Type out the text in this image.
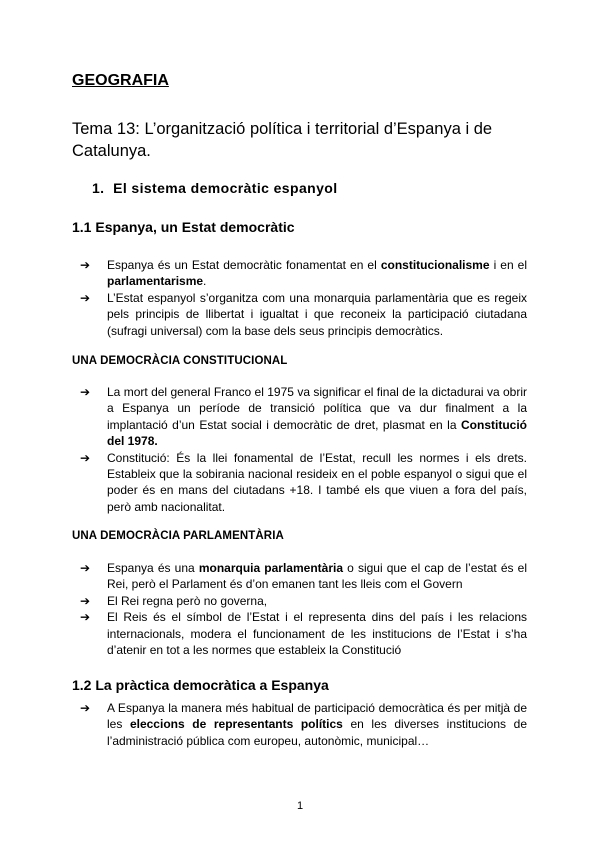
GEOGRAFIA
Tema 13: L’organització política i territorial d’Espanya i de Catalunya.
1. El sistema democràtic espanyol
1.1 Espanya, un Estat democràtic
➔ Espanya és un Estat democràtic fonamentat en el constitucionalisme i en el parlamentarisme.
➔ L’Estat espanyol s’organitza com una monarquia parlamentària que es regeix pels principis de llibertat i igualtat i que reconeix la participació ciutadana (sufragi universal) com la base dels seus principis democràtics.
UNA DEMOCRÀCIA CONSTITUCIONAL
➔ La mort del general Franco el 1975 va significar el final de la dictadurai va obrir a Espanya un període de transició política que va dur finalment a la implantació d’un Estat social i democràtic de dret, plasmat en la Constitució del 1978.
➔ Constitució: És la llei fonamental de l’Estat, recull les normes i els drets. Estableix que la sobirania nacional resideix en el poble espanyol o sigui que el poder és en mans del ciutadans +18. I també els que viuen a fora del país, però amb nacionalitat.
UNA DEMOCRÀCIA PARLAMENTÀRIA
➔ Espanya és una monarquia parlamentària o sigui que el cap de l’estat és el Rei, però el Parlament és d’on emanen tant les lleis com el Govern
➔ El Rei regna però no governa,
➔ El Reis és el símbol de l’Estat i el representa dins del país i les relacions internacionals, modera el funcionament de les institucions de l’Estat i s’ha d’atenir en tot a les normes que estableix la Constitució
1.2 La pràctica democràtica a Espanya
➔ A Espanya la manera més habitual de participació democràtica és per mitjà de les eleccions de representants polítics en les diverses institucions de l’administració pública com europeu, autonòmic, municipal…
1
